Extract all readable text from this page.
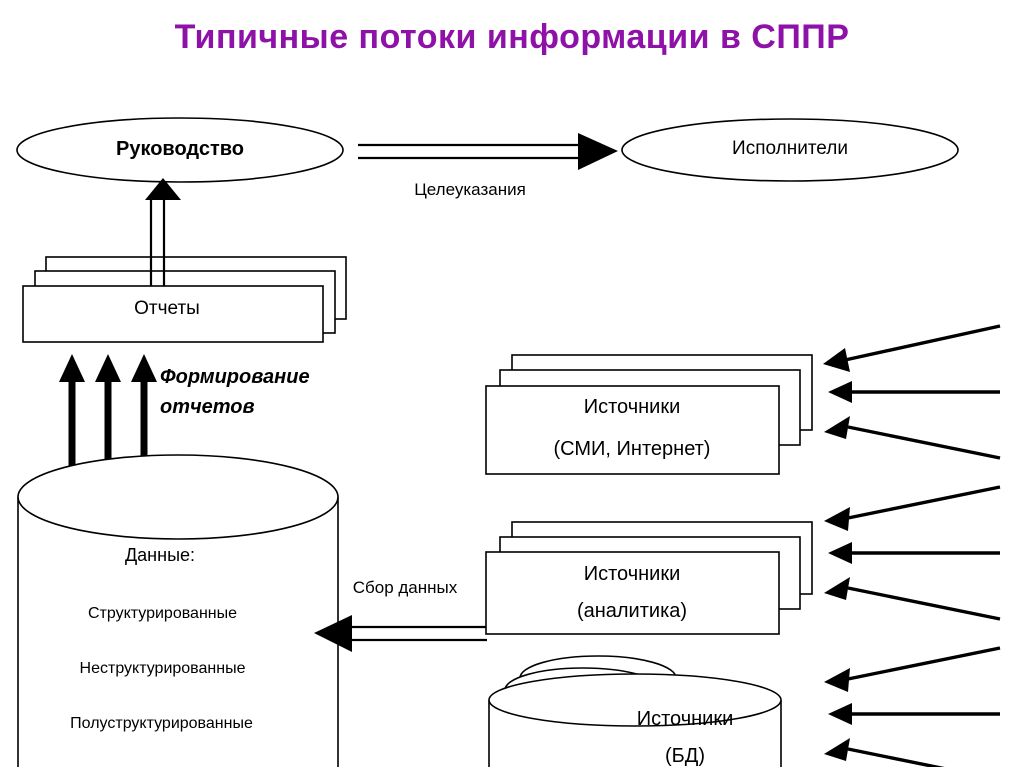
Типичные потоки информации в СППР
Руководство	Исполнители
Целеуказания
Отчеты
Формирование
отчетов
Данные:
Структурированные
Неструктурированные
Полуструктурированные
Сбор данных
Источники
(СМИ, Интернет)
Источники
(аналитика)
Источники
(БД)
